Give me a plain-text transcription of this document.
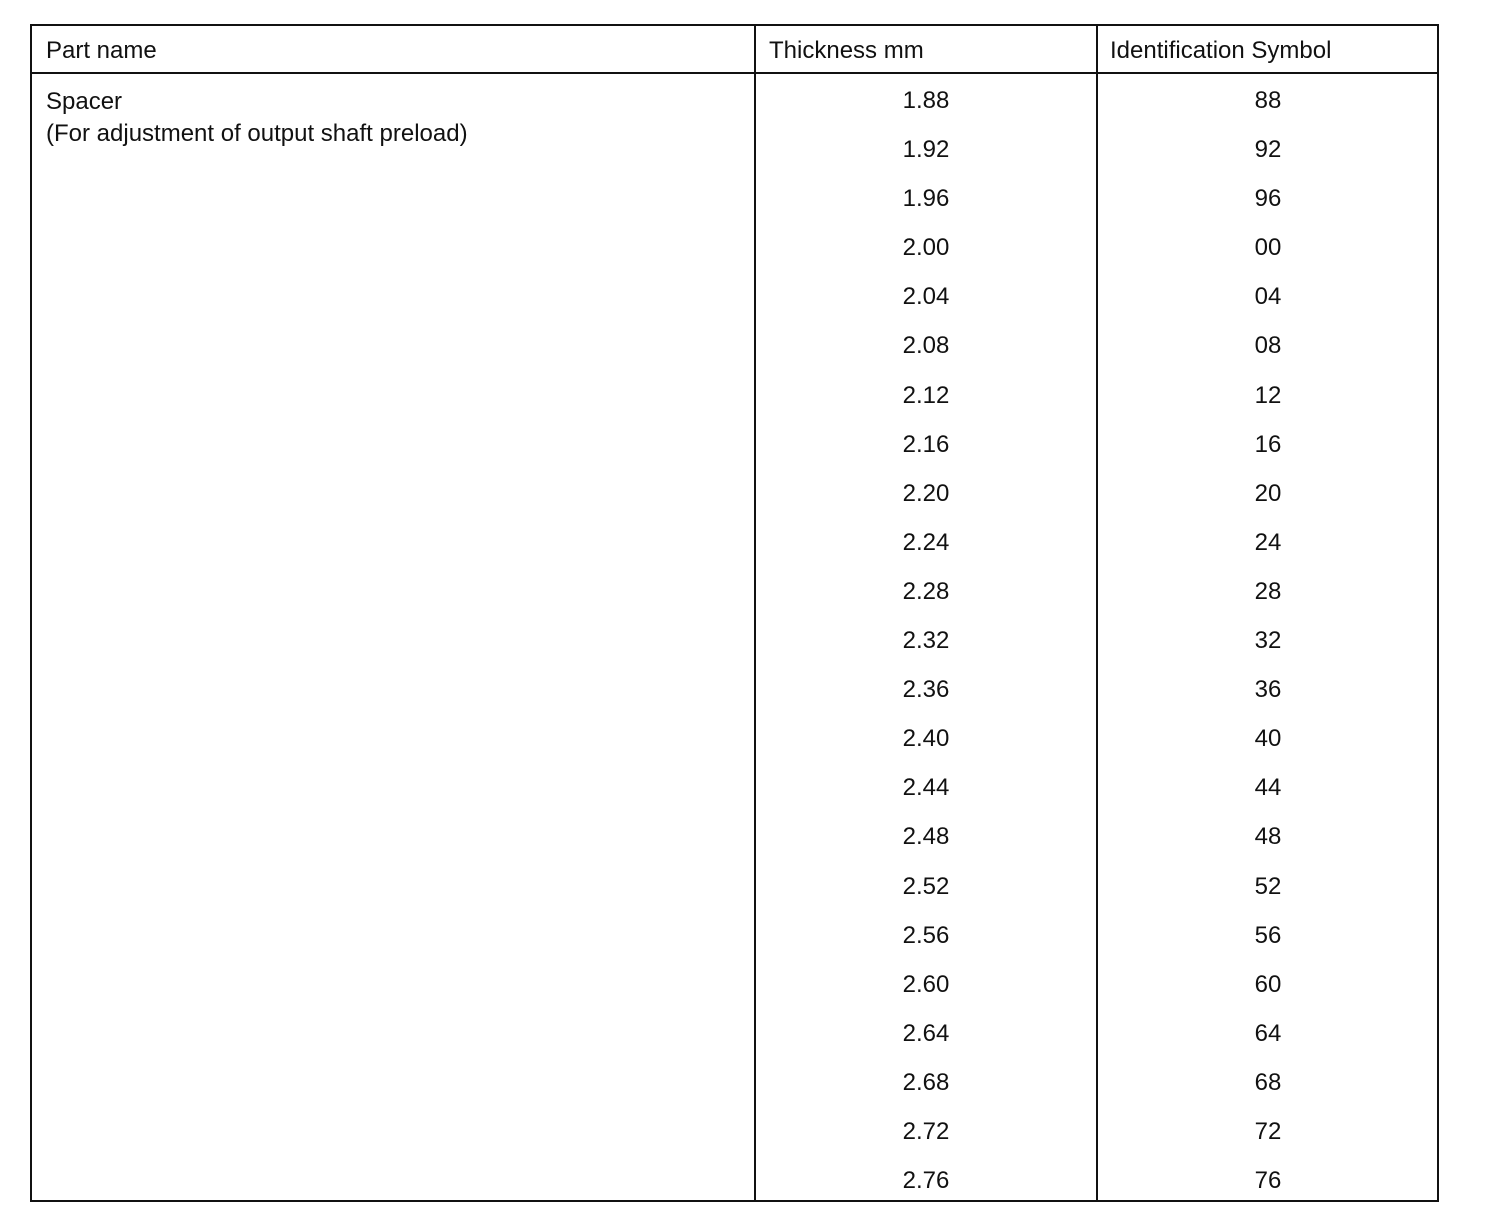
Part name	Thickness mm	Identification Symbol
Spacer
(For adjustment of output shaft preload)
1.88
1.92
1.96
2.00
2.04
2.08
2.12
2.16
2.20
2.24
2.28
2.32
2.36
2.40
2.44
2.48
2.52
2.56
2.60
2.64
2.68
2.72
2.76
88
92
96
00
04
08
12
16
20
24
28
32
36
40
44
48
52
56
60
64
68
72
76
